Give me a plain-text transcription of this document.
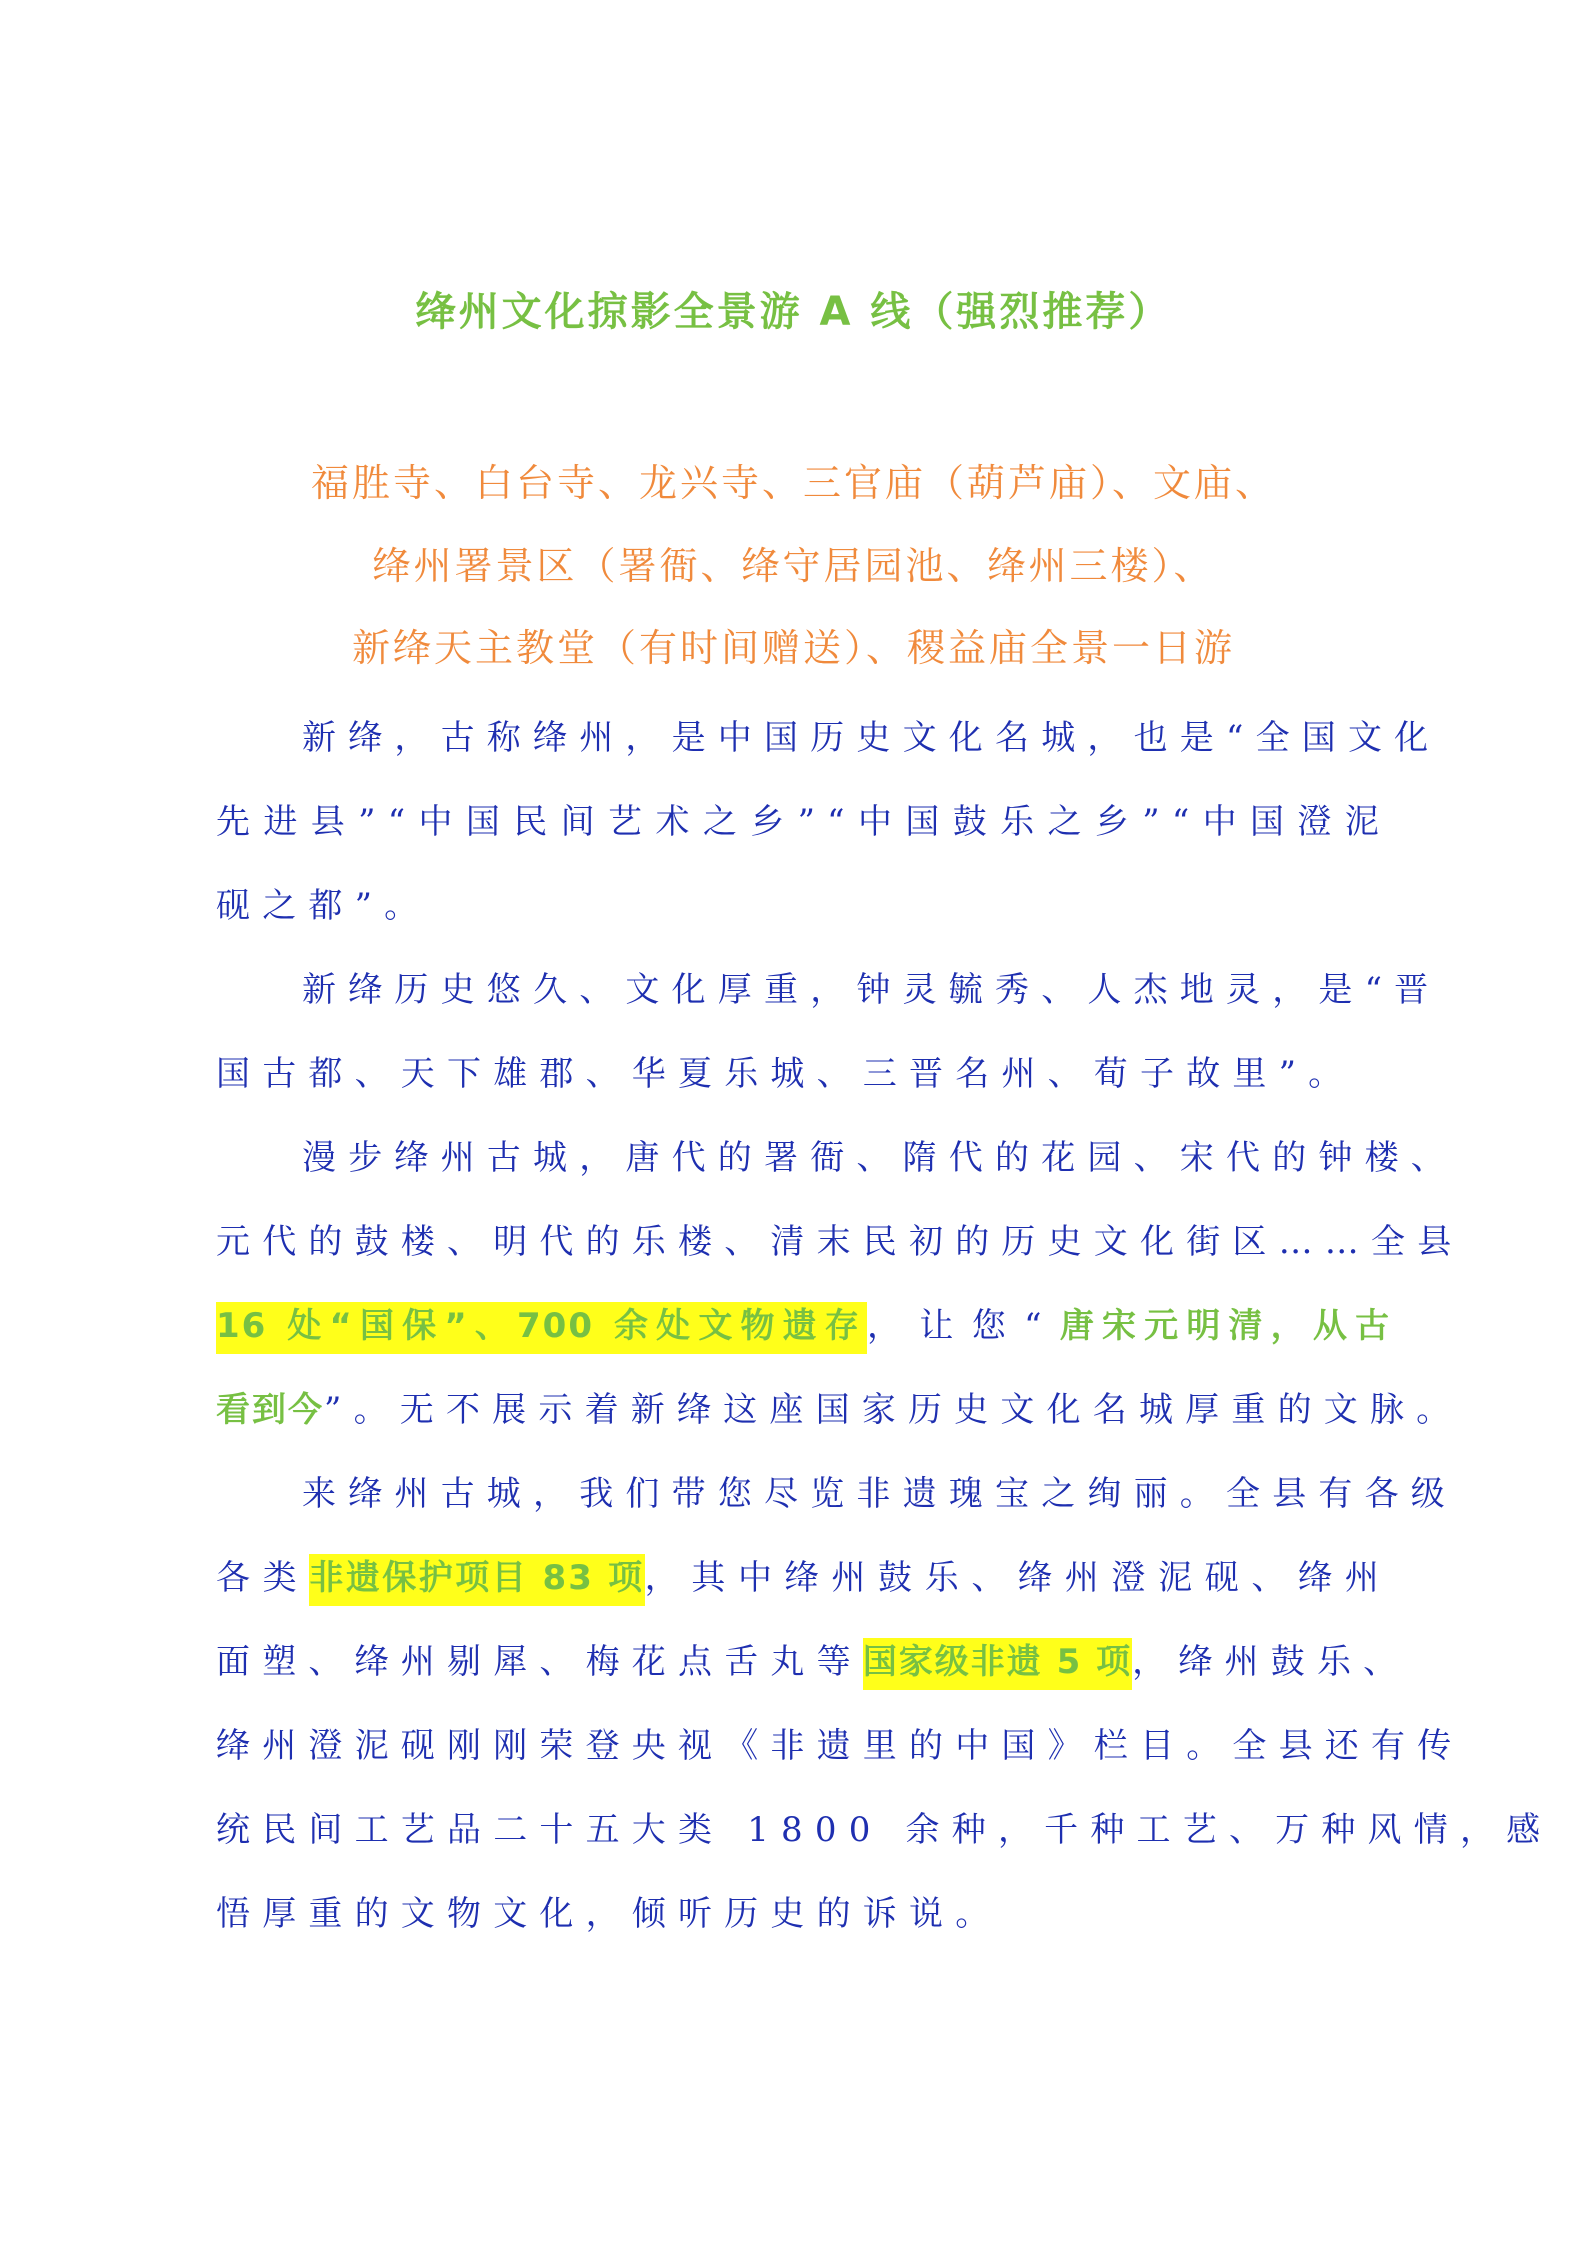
绛州文化掠影全景游 A 线（强烈推荐）
福胜寺、白台寺、龙兴寺、三官庙（葫芦庙）、文庙、
绛州署景区（署衙、绛守居园池、绛州三楼）、
新绛天主教堂（有时间赠送）、稷益庙全景一日游
新绛，古称绛州，是中国历史文化名城，也是“全国文化
先进县”“中国民间艺术之乡”“中国鼓乐之乡”“中国澄泥
砚之都”。
新绛历史悠久、文化厚重，钟灵毓秀、人杰地灵，是“晋
国古都、天下雄郡、华夏乐城、三晋名州、荀子故里”。
漫步绛州古城，唐代的署衙、隋代的花园、宋代的钟楼、
元代的鼓楼、明代的乐楼、清末民初的历史文化街区……全县
16 处“国保”、700 余处文物遗存，让您“唐宋元明清，从古
看到今”。无不展示着新绛这座国家历史文化名城厚重的文脉。
来绛州古城，我们带您尽览非遗瑰宝之绚丽。全县有各级
各类非遗保护项目 83 项，其中绛州鼓乐、绛州澄泥砚、绛州
面塑、绛州剔犀、梅花点舌丸等国家级非遗 5 项，绛州鼓乐、
绛州澄泥砚刚刚荣登央视《非遗里的中国》栏目。全县还有传
统民间工艺品二十五大类 1800 余种，千种工艺、万种风情，感
悟厚重的文物文化，倾听历史的诉说。
